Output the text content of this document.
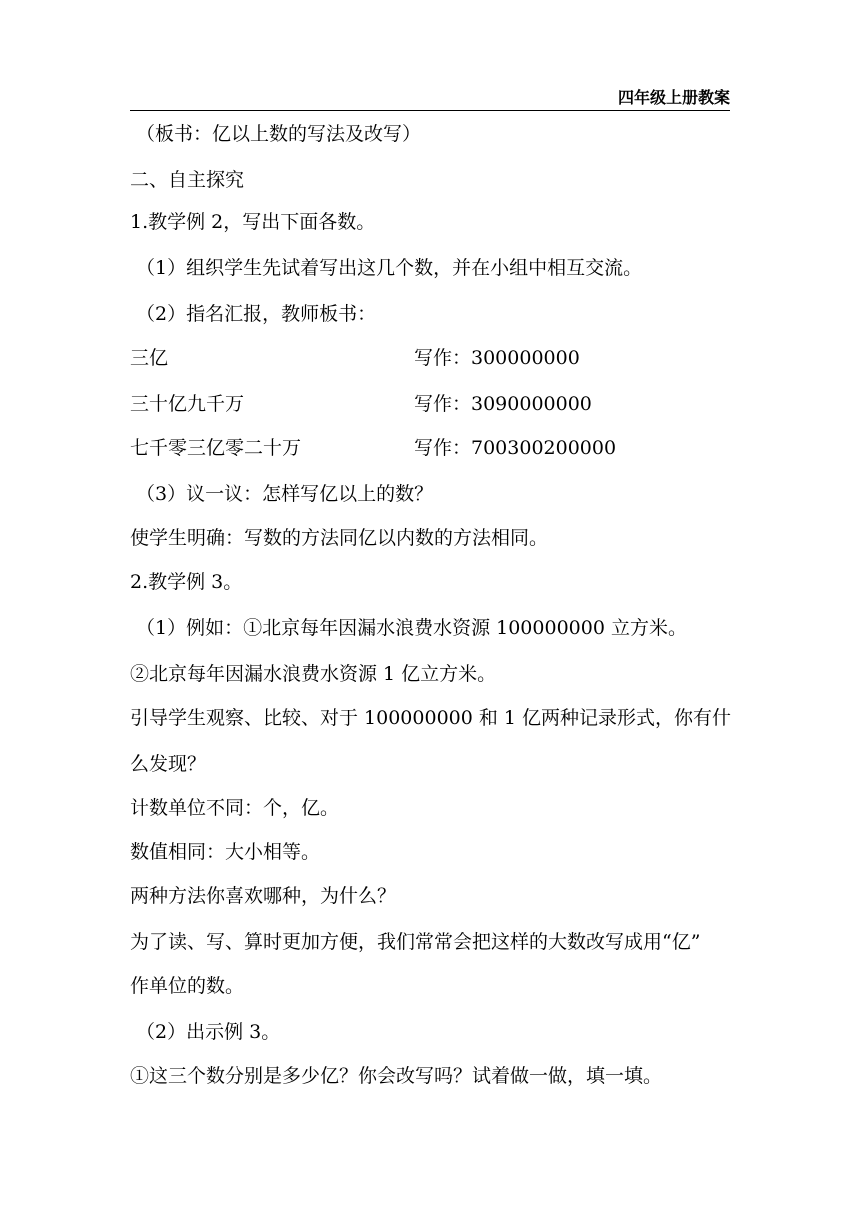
四年级上册教案
（板书：亿以上数的写法及改写）
二、自主探究
1.教学例 2，写出下面各数。
（1）组织学生先试着写出这几个数，并在小组中相互交流。
（2）指名汇报，教师板书：
三亿	写作：300000000
三十亿九千万	写作：3090000000
七千零三亿零二十万	写作：700300200000
（3）议一议：怎样写亿以上的数？
使学生明确：写数的方法同亿以内数的方法相同。
2.教学例 3。
（1）例如：①北京每年因漏水浪费水资源 100000000 立方米。
②北京每年因漏水浪费水资源 1 亿立方米。
引导学生观察、比较、对于 100000000 和 1 亿两种记录形式，你有什
么发现？
计数单位不同：个，亿。
数值相同：大小相等。
两种方法你喜欢哪种，为什么？
为了读、写、算时更加方便，我们常常会把这样的大数改写成用“亿”
作单位的数。
（2）出示例 3。
①这三个数分别是多少亿？你会改写吗？试着做一做，填一填。
